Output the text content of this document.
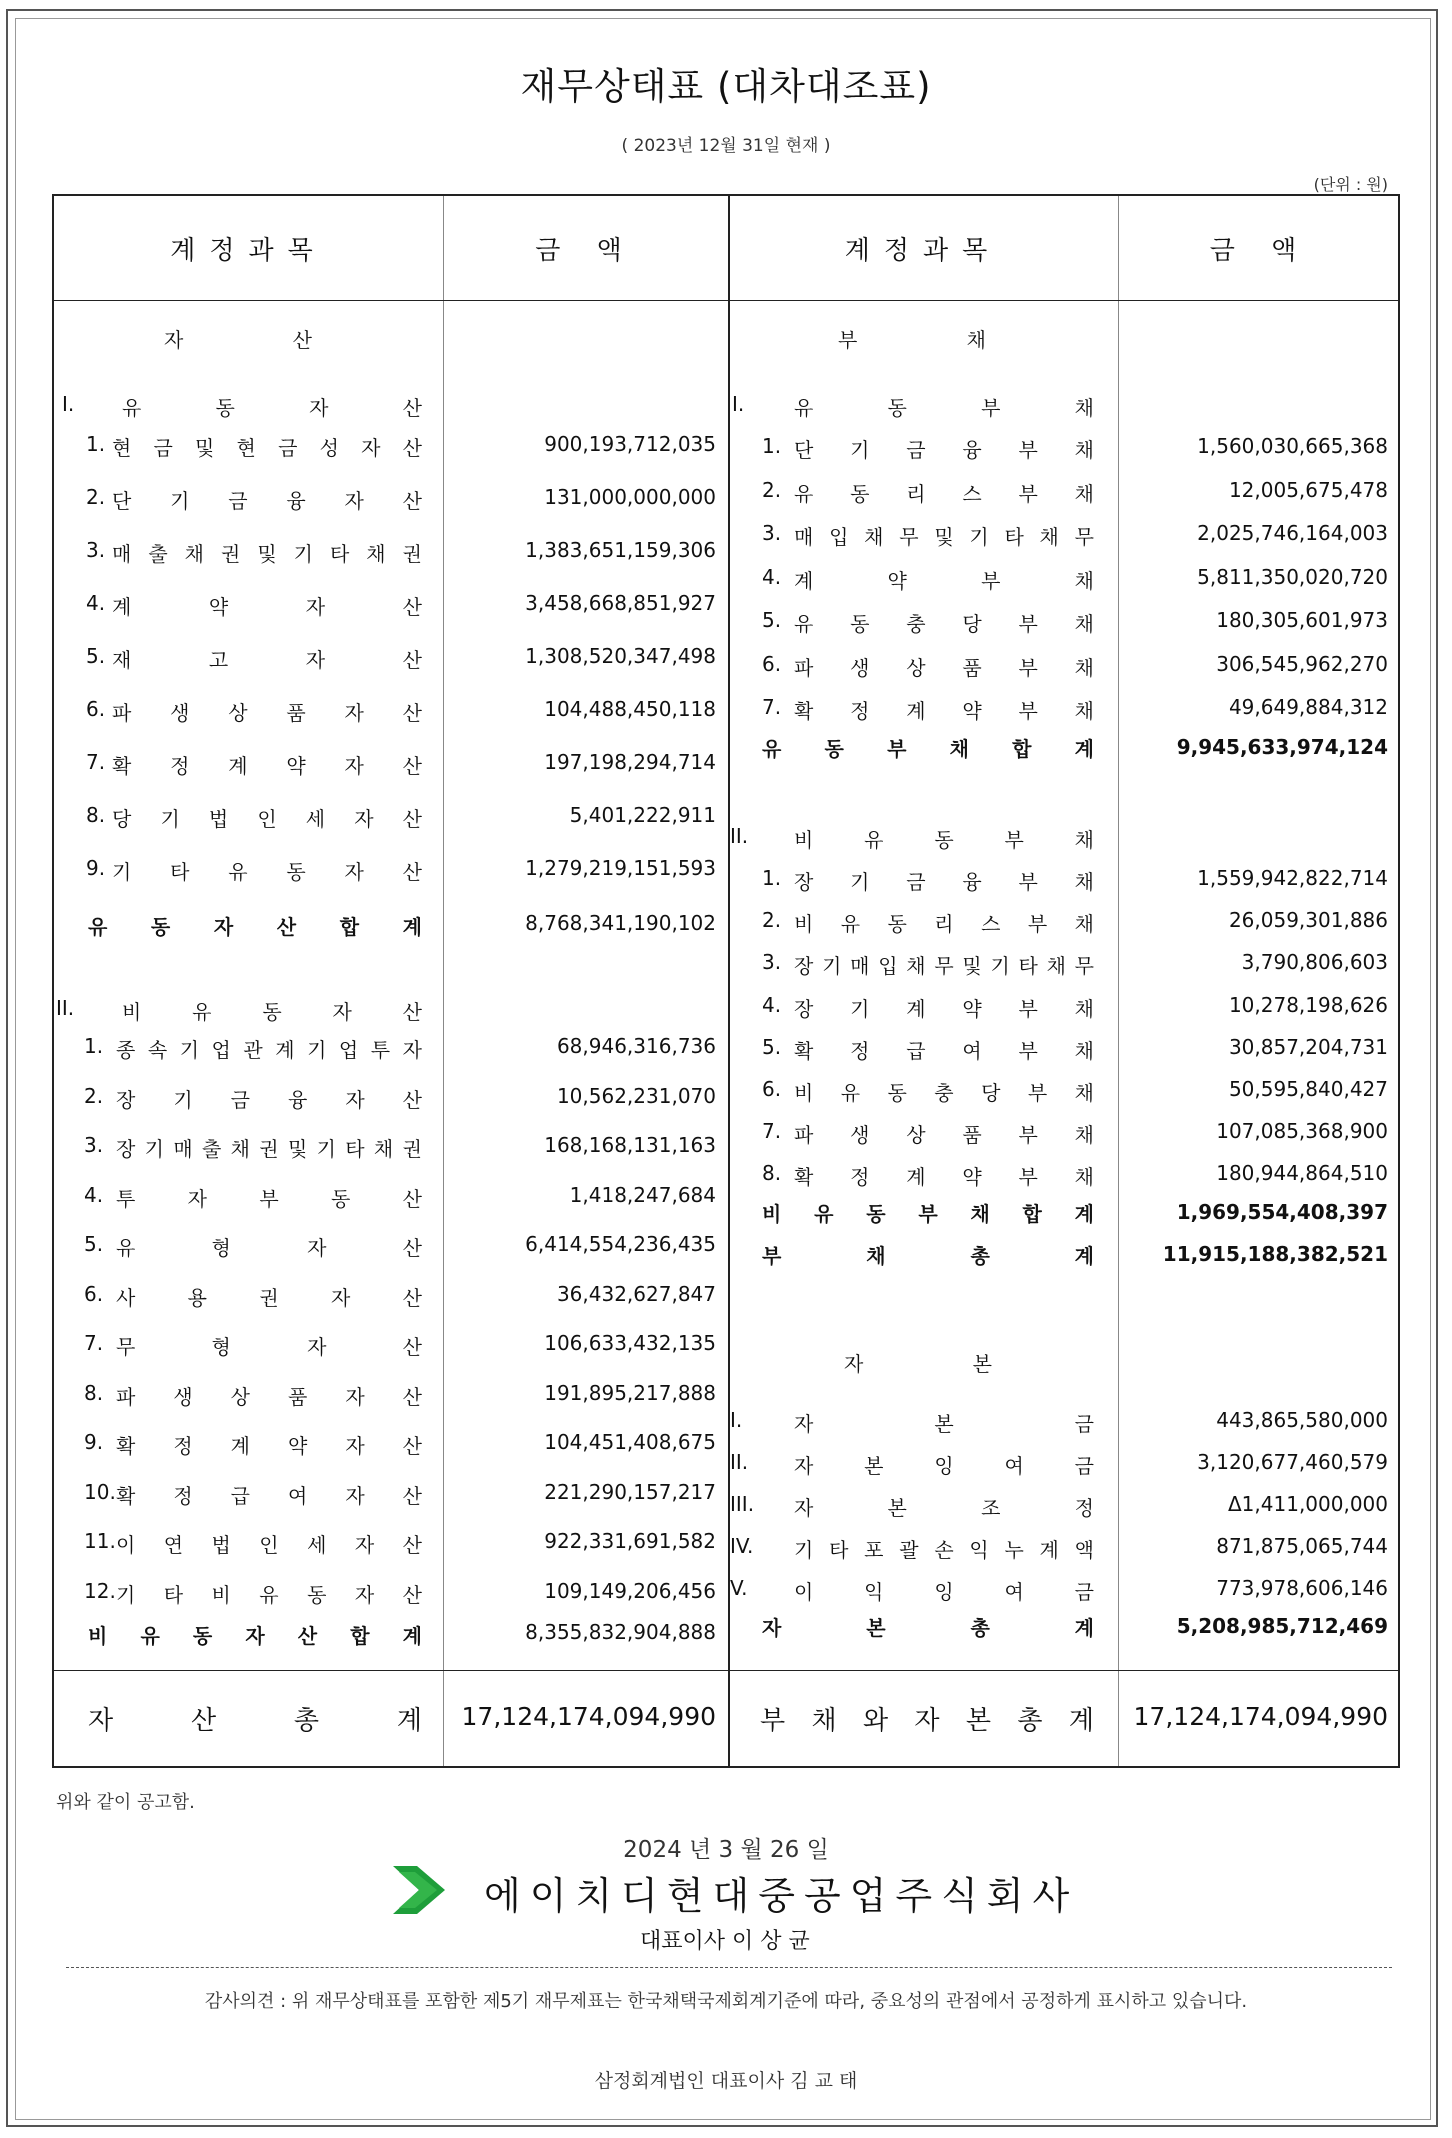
재무상태표 (대차대조표)
( 2023년 12월 31일 현재 )
(단위 : 원)
계정과목	금 액	계정과목	금 액
자	산
I. 유	동	자	산
1. 현 금 및 현 금 성 자 산	900,193,712,035
2. 단 기 금 융 자 산	131,000,000,000
3. 매 출 채 권 및 기 타 채 권	1,383,651,159,306
4. 계	약	자	산	3,458,668,851,927
5. 재	고	자	산	1,308,520,347,498
6. 파 생 상 품 자 산	104,488,450,118
7. 확 정 계 약 자 산	197,198,294,714
8. 당 기 법 인 세 자 산	5,401,222,911
9. 기 타 유 동 자 산	1,279,219,151,593
유 동 자 산 합 계	8,768,341,190,102
II. 비	유	동	자	산
1. 종 속 기 업 관 계 기 업 투 자	68,946,316,736
2. 장 기 금 융 자 산	10,562,231,070
3. 장 기 매 출 채 권 및 기 타 채 권	168,168,131,163
4. 투	자	부	동	산	1,418,247,684
5. 유	형	자	산	6,414,554,236,435
6. 사	용	권	자	산	36,432,627,847
7. 무	형	자	산	106,633,432,135
8. 파 생 상 품 자 산	191,895,217,888
9. 확 정 계 약 자 산	104,451,408,675
10. 확 정 급 여 자 산	221,290,157,217
11. 이 연 법 인 세 자 산	922,331,691,582
12. 기 타 비 유 동 자 산	109,149,206,456
비 유 동 자 산 합 계	8,355,832,904,888
자	산	총	계 17,124,174,094,990
부	채
I. 유	동	부	채
1. 단 기 금 융 부 채	1,560,030,665,368
2. 유 동 리 스 부 채	12,005,675,478
3. 매 입 채 무 및 기 타 채 무	2,025,746,164,003
4. 계	약	부	채	5,811,350,020,720
5. 유 동 충 당 부 채	180,305,601,973
6. 파 생 상 품 부 채	306,545,962,270
7. 확 정 계 약 부 채	49,649,884,312
유 동 부 채 합 계	9,945,633,974,124
II. 비	유	동	부	채
1. 장 기 금 융 부 채	1,559,942,822,714
2. 비 유 동 리 스 부 채	26,059,301,886
3. 장 기 매 입 채 무 및 기 타 채 무	3,790,806,603
4. 장 기 계 약 부 채	10,278,198,626
5. 확 정 급 여 부 채	30,857,204,731
6. 비 유 동 충 당 부 채	50,595,840,427
7. 파 생 상 품 부 채	107,085,368,900
8. 확 정 계 약 부 채	180,944,864,510
비 유 동 부 채 합 계	1,969,554,408,397
부	채	총	계	11,915,188,382,521
자	본
I.	자	본	금	443,865,580,000
II. 자	본	잉	여	금	3,120,677,460,579
III. 자	본	조	정	Δ1,411,000,000
IV. 기 타 포 괄 손 익 누 계 액	871,875,065,744
V. 이	익	잉	여	금	773,978,606,146
자	본	총	계	5,208,985,712,469
부 채 와 자 본 총 계 17,124,174,094,990
위와 같이 공고함.
2024 년 3 월 26 일
에이치디현대중공업주식회사
대표이사 이 상 균
감사의견 : 위 재무상태표를 포함한 제5기 재무제표는 한국채택국제회계기준에 따라, 중요성의 관점에서 공정하게 표시하고 있습니다.
삼정회계법인 대표이사 김 교 태
